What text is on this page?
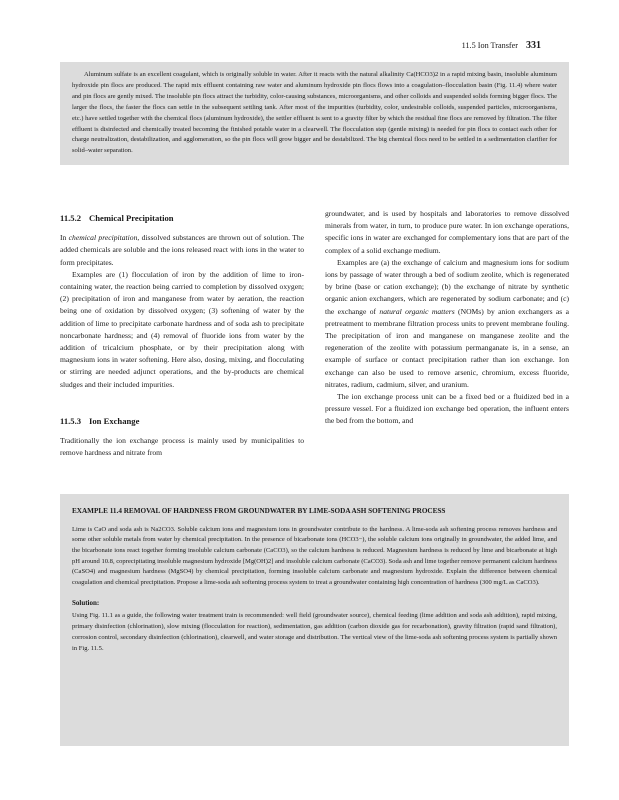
11.5 Ion Transfer 331

Aluminum sulfate is an excellent coagulant, which is originally soluble in water. After it reacts with the natural alkalinity Ca(HCO3)2 in a rapid mixing basin, insoluble aluminum hydroxide pin flocs are produced. The rapid mix effluent containing raw water and aluminum hydroxide pin flocs flows into a coagulation–flocculation basin (Fig. 11.4) where water and pin flocs are gently mixed. The insoluble pin flocs attract the turbidity, color-causing substances, microorganisms, and other colloids and suspended solids forming bigger flocs. The larger the flocs, the faster the flocs can settle in the subsequent settling tank. After most of the impurities (turbidity, color, undesirable colloids, suspended particles, microorganisms, etc.) have settled together with the chemical flocs (aluminum hydroxide), the settler effluent is sent to a gravity filter by which the residual fine flocs are removed by filtration. The filter effluent is disinfected and chemically treated becoming the finished potable water in a clearwell. The flocculation step (gentle mixing) is needed for pin flocs to contact each other for charge neutralization, destabilization, and agglomeration, so the pin flocs will grow bigger and be destabilized. The big chemical flocs need to be settled in a sedimentation clarifier for solid–water separation.

11.5.2 Chemical Precipitation

In chemical precipitation, dissolved substances are thrown out of solution. The added chemicals are soluble and the ions released react with ions in the water to form precipitates.

Examples are (1) flocculation of iron by the addition of lime to iron-containing water, the reaction being carried to completion by dissolved oxygen; (2) precipitation of iron and manganese from water by aeration, the reaction being one of oxidation by dissolved oxygen; (3) softening of water by the addition of lime to precipitate carbonate hardness and of soda ash to precipitate noncarbonate hardness; and (4) removal of fluoride ions from water by the addition of tricalcium phosphate, or by their precipitation along with magnesium ions in water softening. Here also, dosing, mixing, and flocculating or stirring are needed adjunct operations, and the by-products are chemical sludges and their included impurities.

11.5.3 Ion Exchange

Traditionally the ion exchange process is mainly used by municipalities to remove hardness and nitrate from

groundwater, and is used by hospitals and laboratories to remove dissolved minerals from water, in turn, to produce pure water. In ion exchange operations, specific ions in water are exchanged for complementary ions that are part of the complex of a solid exchange medium.

Examples are (a) the exchange of calcium and magnesium ions for sodium ions by passage of water through a bed of sodium zeolite, which is regenerated by brine (base or cation exchange); (b) the exchange of nitrate by synthetic organic anion exchangers, which are regenerated by sodium carbonate; and (c) the exchange of natural organic matters (NOMs) by anion exchangers as a pretreatment to membrane filtration process units to prevent membrane fouling. The precipitation of iron and manganese on manganese zeolite and the regeneration of the zeolite with potassium permanganate is, in a sense, an example of surface or contact precipitation rather than ion exchange. Ion exchange can also be used to remove arsenic, chromium, excess fluoride, nitrates, radium, cadmium, silver, and uranium.

The ion exchange process unit can be a fixed bed or a fluidized bed in a pressure vessel. For a fluidized ion exchange bed operation, the influent enters the bed from the bottom, and

EXAMPLE 11.4 REMOVAL OF HARDNESS FROM GROUNDWATER BY LIME-SODA ASH SOFTENING PROCESS

Lime is CaO and soda ash is Na2CO3. Soluble calcium ions and magnesium ions in groundwater contribute to the hardness. A lime-soda ash softening process removes hardness and some other soluble metals from water by chemical precipitation. In the presence of bicarbonate ions (HCO3−), the soluble calcium ions originally in groundwater, the added lime, and the bicarbonate ions react together forming insoluble calcium carbonate (CaCO3), so the calcium hardness is reduced. Magnesium hardness is reduced by lime and bicarbonate at high pH around 10.8, coprecipitating insoluble magnesium hydroxide [Mg(OH)2] and insoluble calcium carbonate (CaCO3). Soda ash and lime together remove permanent calcium hardness (CaSO4) and magnesium hardness (MgSO4) by chemical precipitation, forming insoluble calcium carbonate and magnesium hydroxide. Explain the difference between chemical coagulation and chemical precipitation. Propose a lime-soda ash softening process system to treat a groundwater containing high concentration of hardness (300 mg/L as CaCO3).

Solution:

Using Fig. 11.1 as a guide, the following water treatment train is recommended: well field (groundwater source), chemical feeding (lime addition and soda ash addition), rapid mixing, primary disinfection (chlorination), slow mixing (flocculation for reaction), sedimentation, gas addition (carbon dioxide gas for recarbonation), gravity filtration (rapid sand filtration), corrosion control, secondary disinfection (chlorination), clearwell, and water storage and distribution. The vertical view of the lime-soda ash softening process system is partially shown in Fig. 11.5.
